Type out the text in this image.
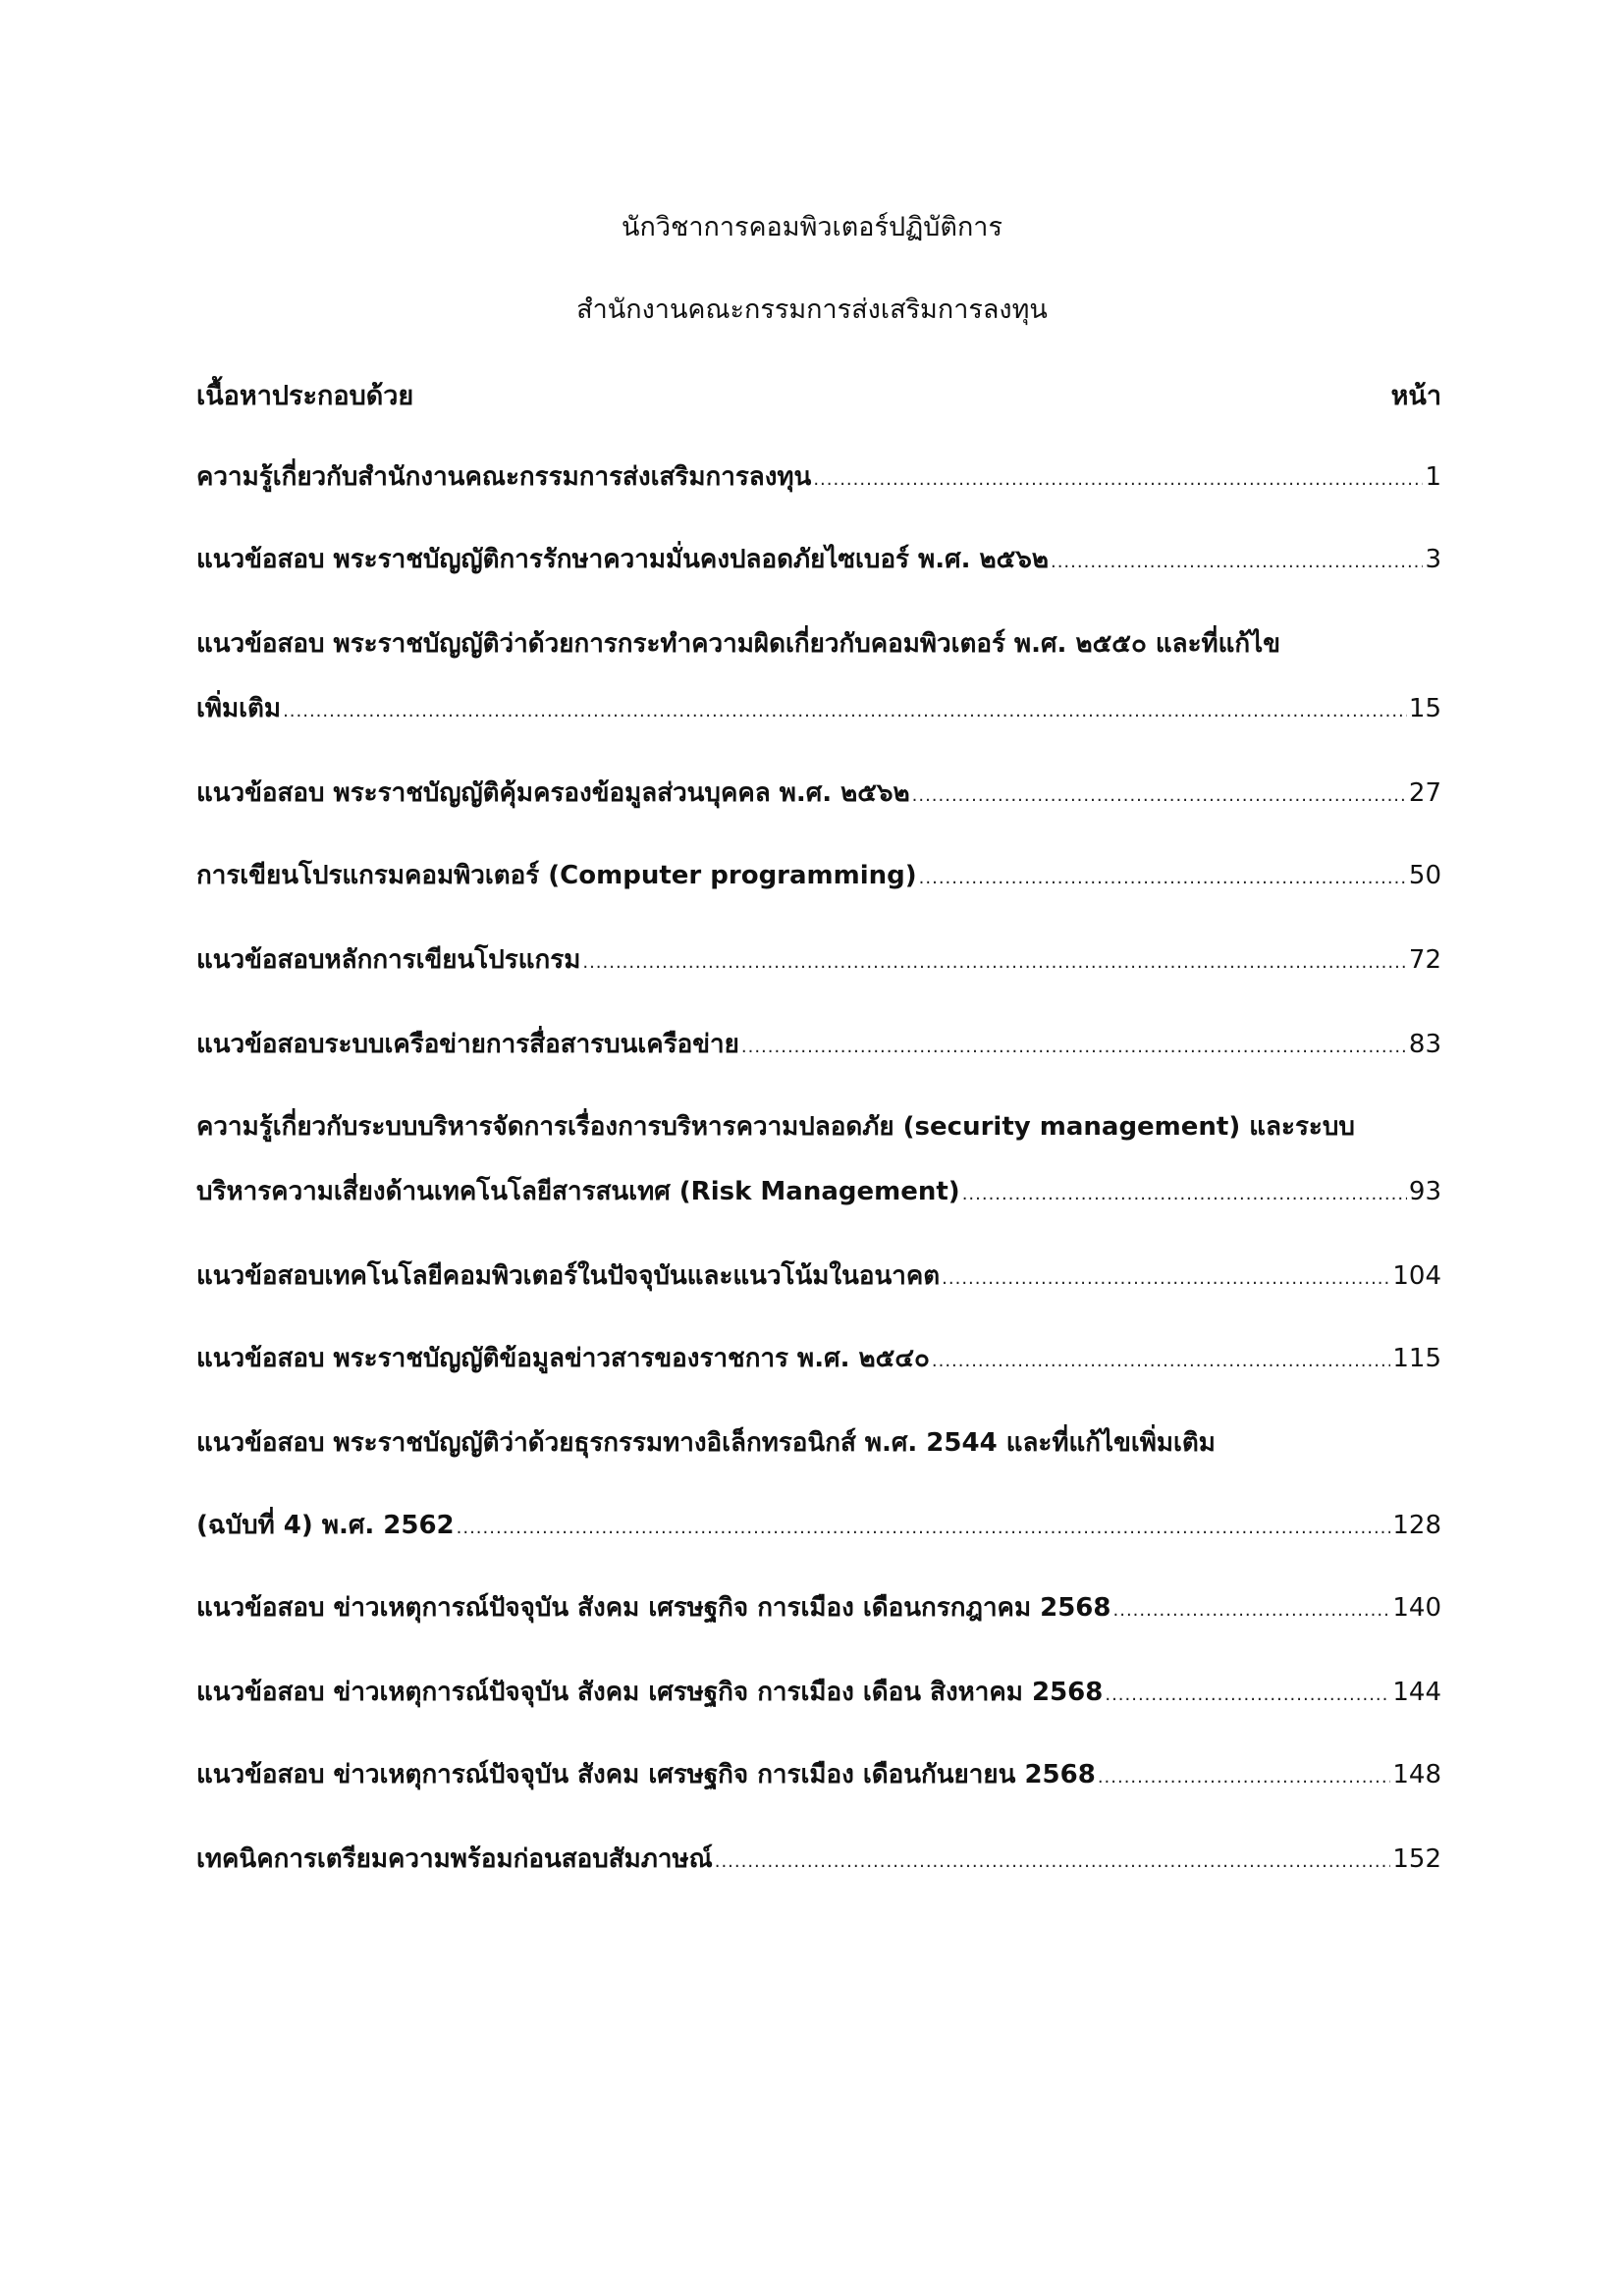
นักวิชาการคอมพิวเตอร์ปฏิบัติการ
สำนักงานคณะกรรมการส่งเสริมการลงทุน
เนื้อหาประกอบด้วย	หน้า
ความรู้เกี่ยวกับสำนักงานคณะกรรมการส่งเสริมการลงทุน .....	1
แนวข้อสอบ พระราชบัญญัติการรักษาความมั่นคงปลอดภัยไซเบอร์ พ.ศ. ๒๕๖๒ .....	3
แนวข้อสอบ พระราชบัญญัติว่าด้วยการกระทำความผิดเกี่ยวกับคอมพิวเตอร์ พ.ศ. ๒๕๕๐ และที่แก้ไข
เพิ่มเติม .....	15
แนวข้อสอบ พระราชบัญญัติคุ้มครองข้อมูลส่วนบุคคล พ.ศ. ๒๕๖๒ .....	27
การเขียนโปรแกรมคอมพิวเตอร์ (Computer programming) .....	50
แนวข้อสอบหลักการเขียนโปรแกรม .....	72
แนวข้อสอบระบบเครือข่ายการสื่อสารบนเครือข่าย .....	83
ความรู้เกี่ยวกับระบบบริหารจัดการเรื่องการบริหารความปลอดภัย (security management) และระบบ
บริหารความเสี่ยงด้านเทคโนโลยีสารสนเทศ (Risk Management) .....	93
แนวข้อสอบเทคโนโลยีคอมพิวเตอร์ในปัจจุบันและแนวโน้มในอนาคต .....	104
แนวข้อสอบ พระราชบัญญัติข้อมูลข่าวสารของราชการ พ.ศ. ๒๕๔๐ .....	115
แนวข้อสอบ พระราชบัญญัติว่าด้วยธุรกรรมทางอิเล็กทรอนิกส์ พ.ศ. 2544 และที่แก้ไขเพิ่มเติม
(ฉบับที่ 4) พ.ศ. 2562 .....	128
แนวข้อสอบ ข่าวเหตุการณ์ปัจจุบัน สังคม เศรษฐกิจ การเมือง เดือนกรกฎาคม 2568 .....	140
แนวข้อสอบ ข่าวเหตุการณ์ปัจจุบัน สังคม เศรษฐกิจ การเมือง เดือน สิงหาคม 2568 .....	144
แนวข้อสอบ ข่าวเหตุการณ์ปัจจุบัน สังคม เศรษฐกิจ การเมือง เดือนกันยายน 2568 .....	148
เทคนิคการเตรียมความพร้อมก่อนสอบสัมภาษณ์ .....	152
